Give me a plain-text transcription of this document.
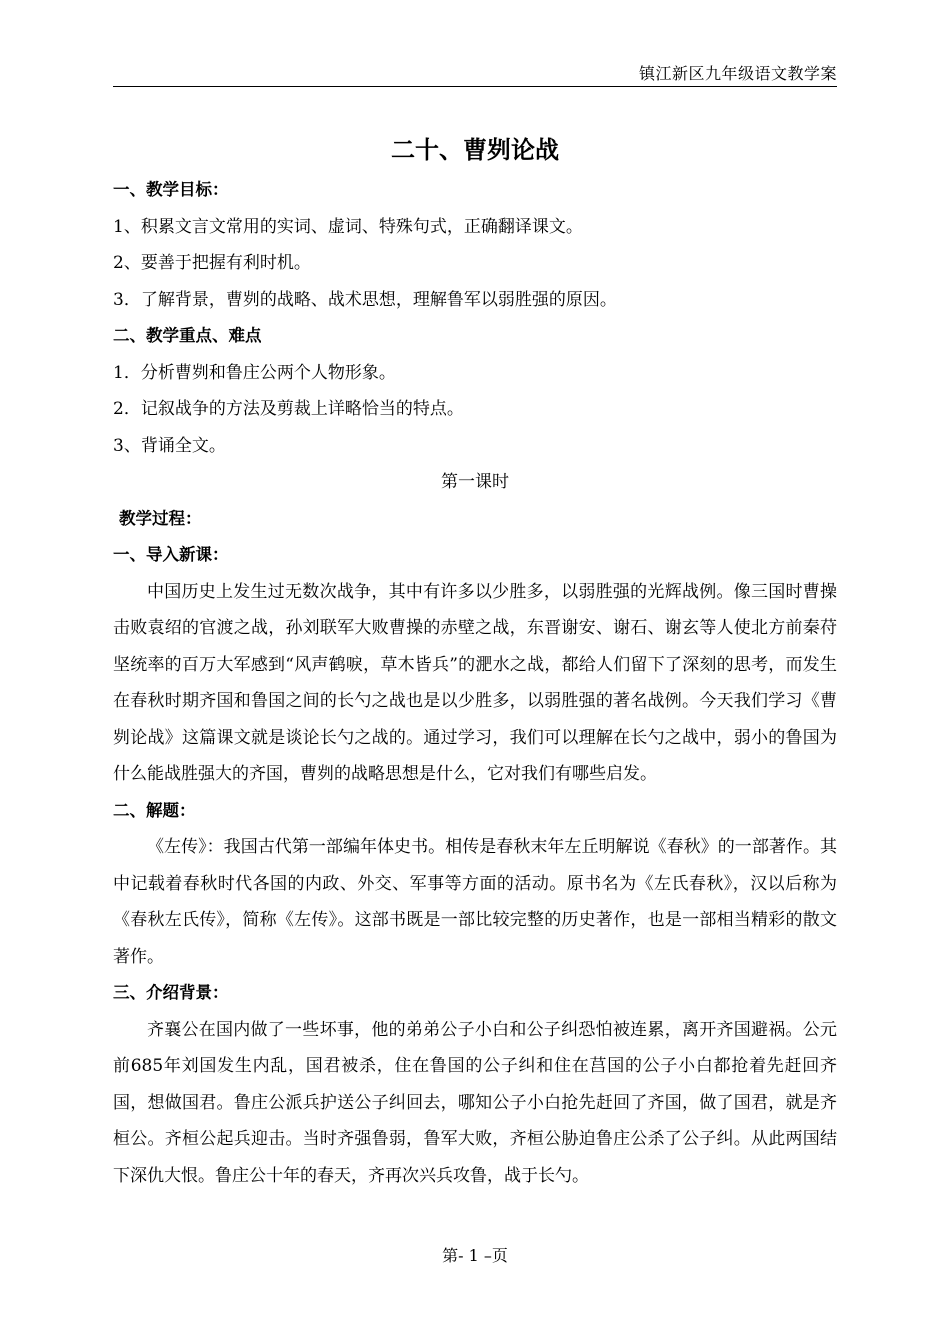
镇江新区九年级语文教学案
二十、曹刿论战
一、教学目标：
1、积累文言文常用的实词、虚词、特殊句式，正确翻译课文。
2、要善于把握有利时机。
3．了解背景，曹刿的战略、战术思想，理解鲁军以弱胜强的原因。
二、教学重点、难点
1．分析曹刿和鲁庄公两个人物形象。
2．记叙战争的方法及剪裁上详略恰当的特点。
3、背诵全文。
第一课时
教学过程：
一、导入新课：

中国历史上发生过无数次战争，其中有许多以少胜多，以弱胜强的光辉战例。像三国时曹操击败袁绍的官渡之战，孙刘联军大败曹操的赤壁之战，东晋谢安、谢石、谢玄等人使北方前秦苻坚统率的百万大军感到“风声鹤唳，草木皆兵”的淝水之战，都给人们留下了深刻的思考，而发生在春秋时期齐国和鲁国之间的长勺之战也是以少胜多，以弱胜强的著名战例。今天我们学习《曹刿论战》这篇课文就是谈论长勺之战的。通过学习，我们可以理解在长勺之战中，弱小的鲁国为什么能战胜强大的齐国，曹刿的战略思想是什么，它对我们有哪些启发。

二、解题：

《左传》：我国古代第一部编年体史书。相传是春秋末年左丘明解说《春秋》的一部著作。其中记载着春秋时代各国的内政、外交、军事等方面的活动。原书名为《左氏春秋》，汉以后称为《春秋左氏传》，简称《左传》。这部书既是一部比较完整的历史著作，也是一部相当精彩的散文著作。

三、介绍背景：

齐襄公在国内做了一些坏事，他的弟弟公子小白和公子纠恐怕被连累，离开齐国避祸。公元前685年刘国发生内乱，国君被杀，住在鲁国的公子纠和住在莒国的公子小白都抢着先赶回齐国，想做国君。鲁庄公派兵护送公子纠回去，哪知公子小白抢先赶回了齐国，做了国君，就是齐桓公。齐桓公起兵迎击。当时齐强鲁弱，鲁军大败，齐桓公胁迫鲁庄公杀了公子纠。从此两国结下深仇大恨。鲁庄公十年的春天，齐再次兴兵攻鲁，战于长勺。

第- 1 –页
